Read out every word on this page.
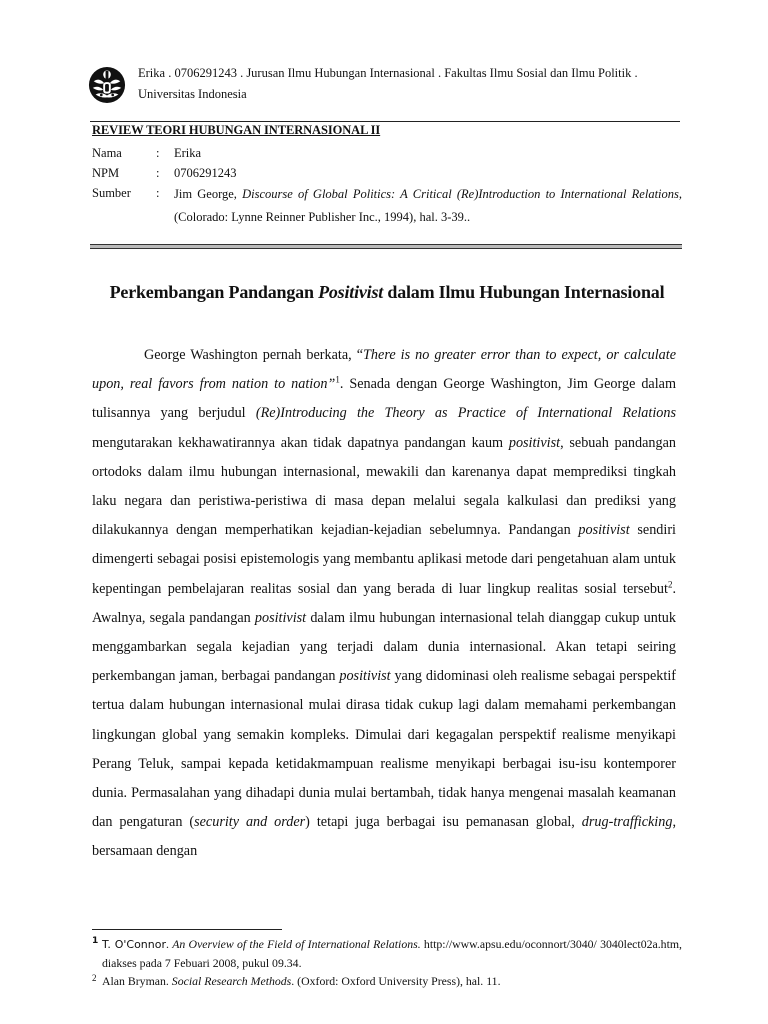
Erika . 0706291243 . Jurusan Ilmu Hubungan Internasional . Fakultas Ilmu Sosial dan Ilmu Politik .
Universitas Indonesia
REVIEW TEORI HUBUNGAN INTERNASIONAL II
Nama	:	Erika
NPM	:	0706291243
Sumber	:	Jim George, Discourse of Global Politics: A Critical (Re)Introduction to International Relations, (Colorado: Lynne Reinner Publisher Inc., 1994), hal. 3-39..
Perkembangan Pandangan Positivist dalam Ilmu Hubungan Internasional

George Washington pernah berkata, “There is no greater error than to expect, or calculate upon, real favors from nation to nation”$^1$. Senada dengan George Washington, Jim George dalam tulisannya yang berjudul (Re)Introducing the Theory as Practice of International Relations mengutarakan kekhawatirannya akan tidak dapatnya pandangan kaum positivist, sebuah pandangan ortodoks dalam ilmu hubungan internasional, mewakili dan karenanya dapat memprediksi tingkah laku negara dan peristiwa-peristiwa di masa depan melalui segala kalkulasi dan prediksi yang dilakukannya dengan memperhatikan kejadian-kejadian sebelumnya. Pandangan positivist sendiri dimengerti sebagai posisi epistemologis yang membantu aplikasi metode dari pengetahuan alam untuk kepentingan pembelajaran realitas sosial dan yang berada di luar lingkup realitas sosial tersebut$^2$. Awalnya, segala pandangan positivist dalam ilmu hubungan internasional telah dianggap cukup untuk menggambarkan segala kejadian yang terjadi dalam dunia internasional. Akan tetapi seiring perkembangan jaman, berbagai pandangan positivist yang didominasi oleh realisme sebagai perspektif tertua dalam hubungan internasional mulai dirasa tidak cukup lagi dalam memahami perkembangan lingkungan global yang semakin kompleks. Dimulai dari kegagalan perspektif realisme menyikapi Perang Teluk, sampai kepada ketidakmampuan realisme menyikapi berbagai isu-isu kontemporer dunia. Permasalahan yang dihadapi dunia mulai bertambah, tidak hanya mengenai masalah keamanan dan pengaturan (security and order) tetapi juga berbagai isu pemanasan global, drug-trafficking, bersamaan dengan

1 T. O'Connor. An Overview of the Field of International Relations. http://www.apsu.edu/oconnort/3040/ 3040lect02a.htm, diakses pada 7 Febuari 2008, pukul 09.34.
2 Alan Bryman. Social Research Methods. (Oxford: Oxford University Press), hal. 11.
